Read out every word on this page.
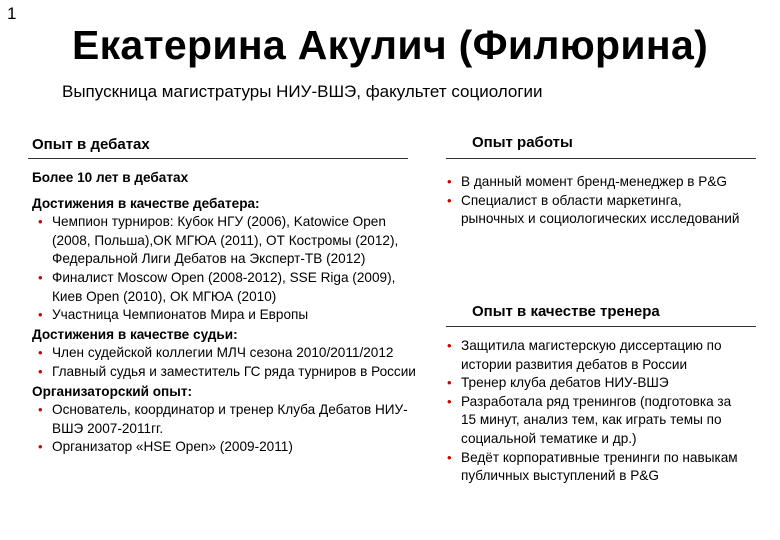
1
Екатерина Акулич (Филюрина)
Выпускница магистратуры НИУ-ВШЭ, факультет социологии
Опыт в дебатах
Более 10 лет в дебатах
Достижения в качестве дебатера:
• Чемпион турниров: Кубок НГУ (2006), Katowice Open (2008, Польша),ОК МГЮА (2011), ОТ Костромы (2012), Федеральной Лиги Дебатов на Эксперт-ТВ (2012)
• Финалист Moscow Open (2008-2012), SSE Riga (2009), Киев Open (2010), ОК МГЮА (2010)
• Участница Чемпионатов Мира и Европы
Достижения в качестве судьи:
• Член судейской коллегии МЛЧ сезона 2010/2011/2012
• Главный судья и заместитель ГС ряда турниров в России
Организаторский опыт:
• Основатель, координатор и тренер Клуба Дебатов НИУ-ВШЭ 2007-2011гг.
• Организатор «HSE Open» (2009-2011)
Опыт работы
• В данный момент бренд-менеджер в P&G
• Специалист в области маркетинга, рыночных и социологических исследований
Опыт в качестве тренера
• Защитила магистерскую диссертацию по истории развития дебатов в России
• Тренер клуба дебатов НИУ-ВШЭ
• Разработала ряд тренингов (подготовка за 15 минут, анализ тем, как играть темы по социальной тематике и др.)
• Ведёт корпоративные тренинги по навыкам публичных выступлений в P&G
